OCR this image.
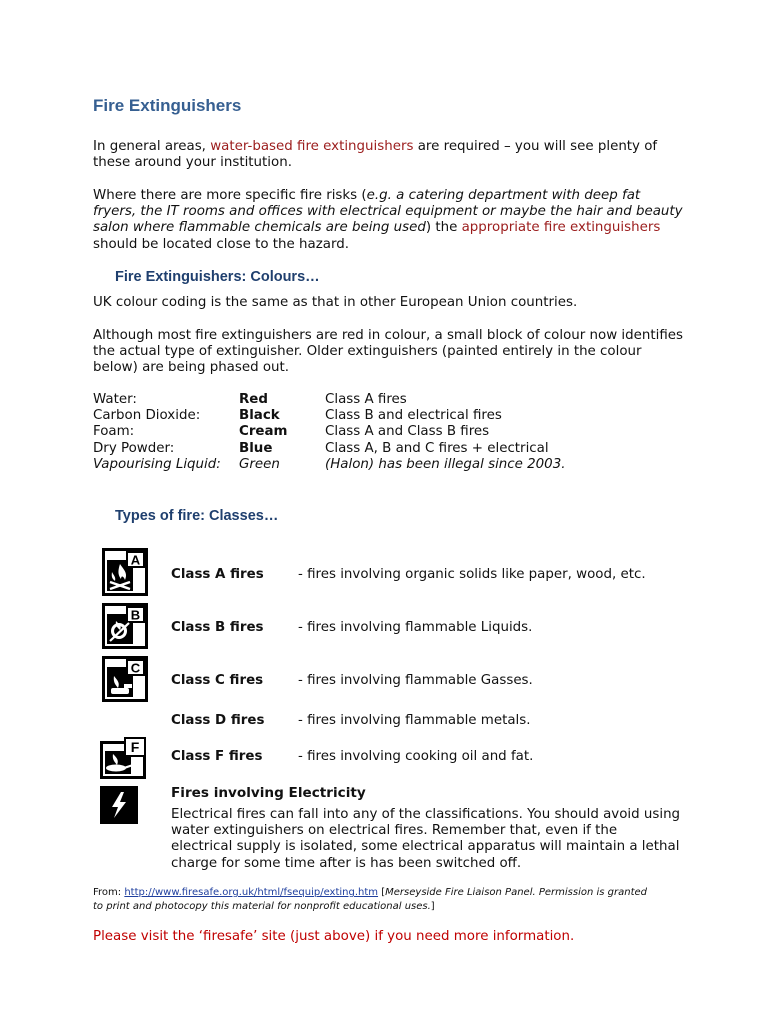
Fire Extinguishers

In general areas, water-based fire extinguishers are required – you will see plenty of these around your institution.

Where there are more specific fire risks (e.g. a catering department with deep fat fryers, the IT rooms and offices with electrical equipment or maybe the hair and beauty salon where flammable chemicals are being used) the appropriate fire extinguishers should be located close to the hazard.

Fire Extinguishers: Colours…

UK colour coding is the same as that in other European Union countries.

Although most fire extinguishers are red in colour, a small block of colour now identifies the actual type of extinguisher. Older extinguishers (painted entirely in the colour below) are being phased out.

Water:	Red	Class A fires
Carbon Dioxide:	Black	Class B and electrical fires
Foam:	Cream	Class A and Class B fires
Dry Powder:	Blue	Class A, B and C fires + electrical
Vapourising Liquid:	Green	(Halon) has been illegal since 2003.
Types of fire: Classes…
A
Class A fires	- fires involving organic solids like paper, wood, etc.
B
Class B fires	- fires involving flammable Liquids.
C
Class C fires	- fires involving flammable Gasses.
Class D fires	- fires involving flammable metals.
F
Class F fires	- fires involving cooking oil and fat.
Fires involving Electricity

Electrical fires can fall into any of the classifications. You should avoid using water extinguishers on electrical fires. Remember that, even if the electrical supply is isolated, some electrical apparatus will maintain a lethal charge for some time after is has been switched off.

From: http://www.firesafe.org.uk/html/fsequip/exting.htm [Merseyside Fire Liaison Panel. Permission is granted to print and photocopy this material for nonprofit educational uses.]
Please visit the ‘firesafe’ site (just above) if you need more information.
